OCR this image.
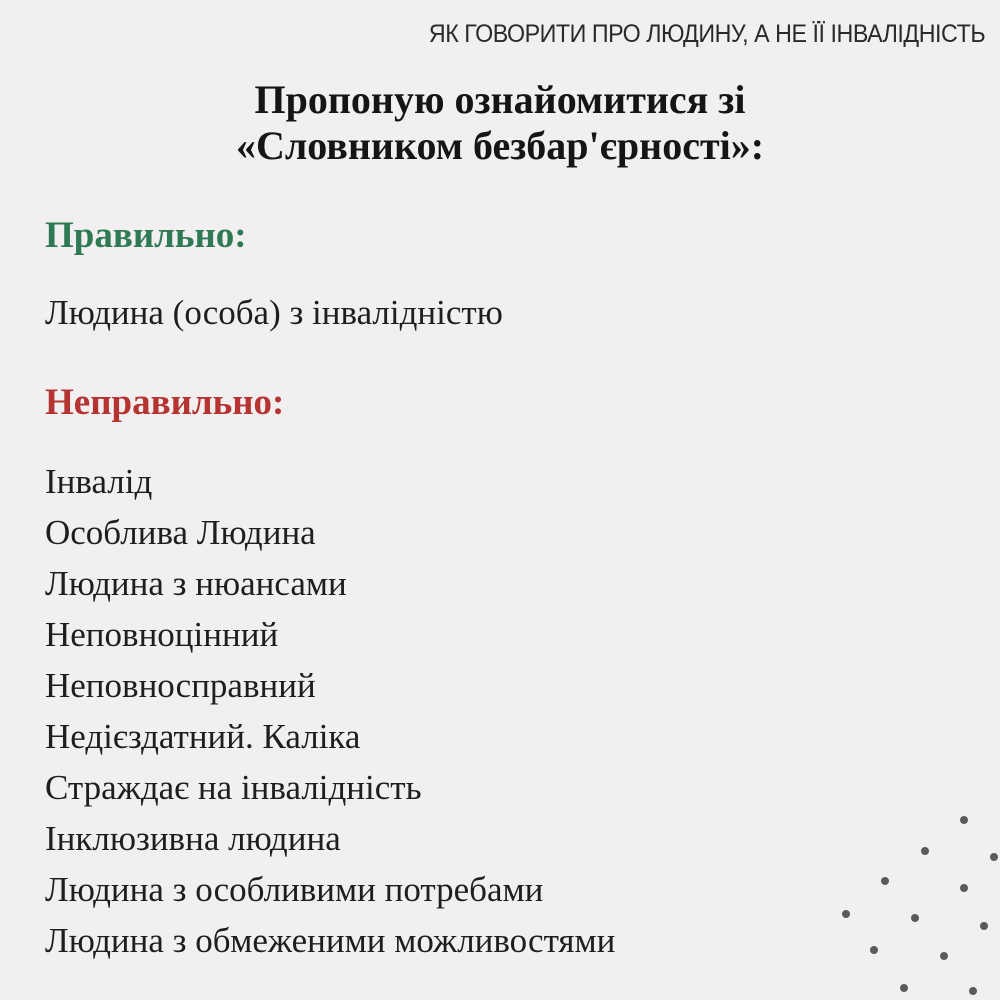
ЯК ГОВОРИТИ ПРО ЛЮДИНУ, А НЕ ЇЇ ІНВАЛІДНІСТЬ
Пропоную ознайомитися зі
«Словником безбар'єрності»:
Правильно:
Людина (особа) з інвалідністю
Неправильно:
Інвалід
Особлива Людина
Людина з нюансами
Неповноцінний
Неповносправний
Недієздатний. Каліка
Страждає на інвалідність
Інклюзивна людина
Людина з особливими потребами
Людина з обмеженими можливостями
